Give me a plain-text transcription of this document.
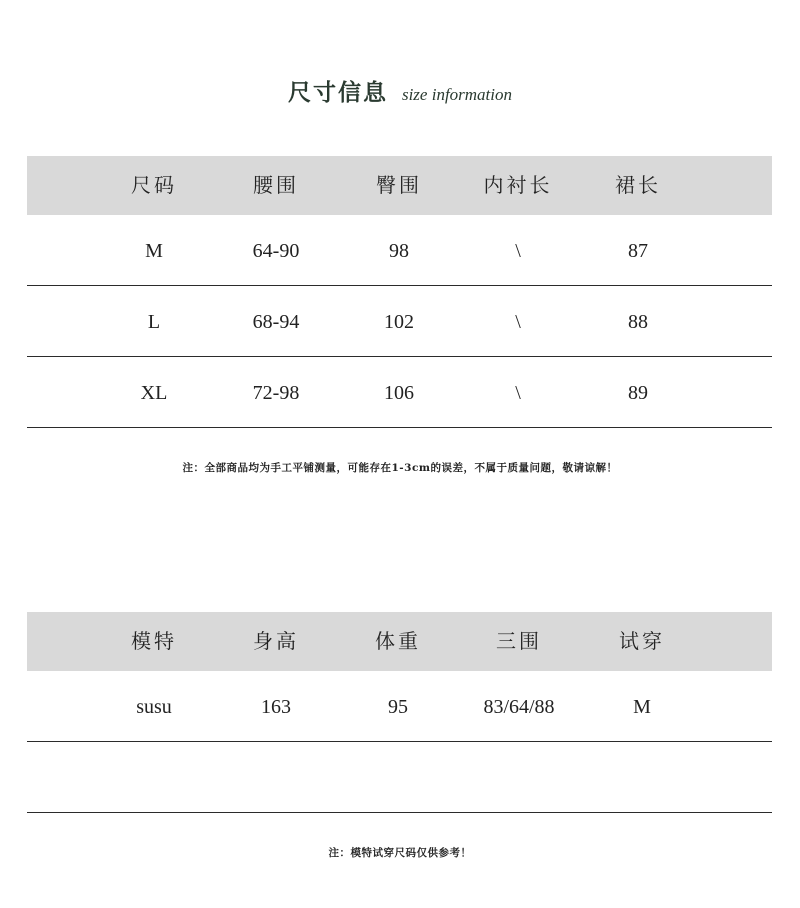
尺寸信息 size information
尺码	腰围	臀围	内衬长	裙长
M	64-90	98	\	87
L	68-94	102	\	88
XL	72-98	106	\	89
注：全部商品均为手工平铺测量，可能存在1-3cm的误差，不属于质量问题，敬请谅解！
模特	身高	体重	三围	试穿
susu	163	95	83/64/88	M
注：模特试穿尺码仅供参考！
